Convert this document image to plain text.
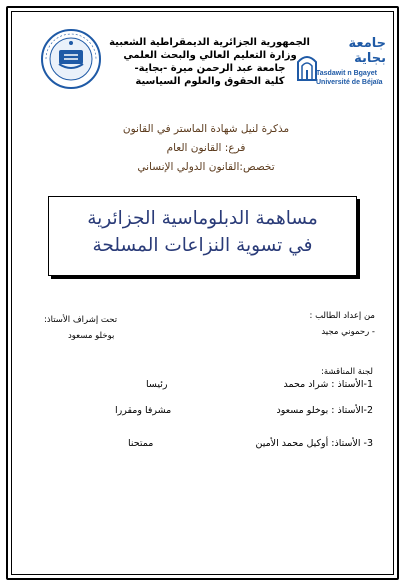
الجمهورية الجزائرية الديمقراطية الشعبية
وزارة التعليم العالي والبحث العلمي
جامعة عبد الرحمن ميرة -بجاية-
كلية الحقوق والعلوم السياسية
جامعة بجاية
Tasdawit n Bgayet
Université de Béjaïa
مذكرة لنيل شهادة الماستر في القانون
فرع: القانون العام
تخصص:القانون الدولي الإنساني
مساهمة الدبلوماسية الجزائرية
في تسوية النزاعات المسلحة
من إعداد الطالب :
- رحموني مجيد
تحت إشراف الأستاذ:
بوخلو مسعود
لجنة المناقشة:
1-الأستاذ : شراد محمد
رئيسا
2-الأستاذ : بوخلو مسعود
مشرفا ومقررا
3- الأستاذ: أوكيل محمد الأمين
ممتحنا
